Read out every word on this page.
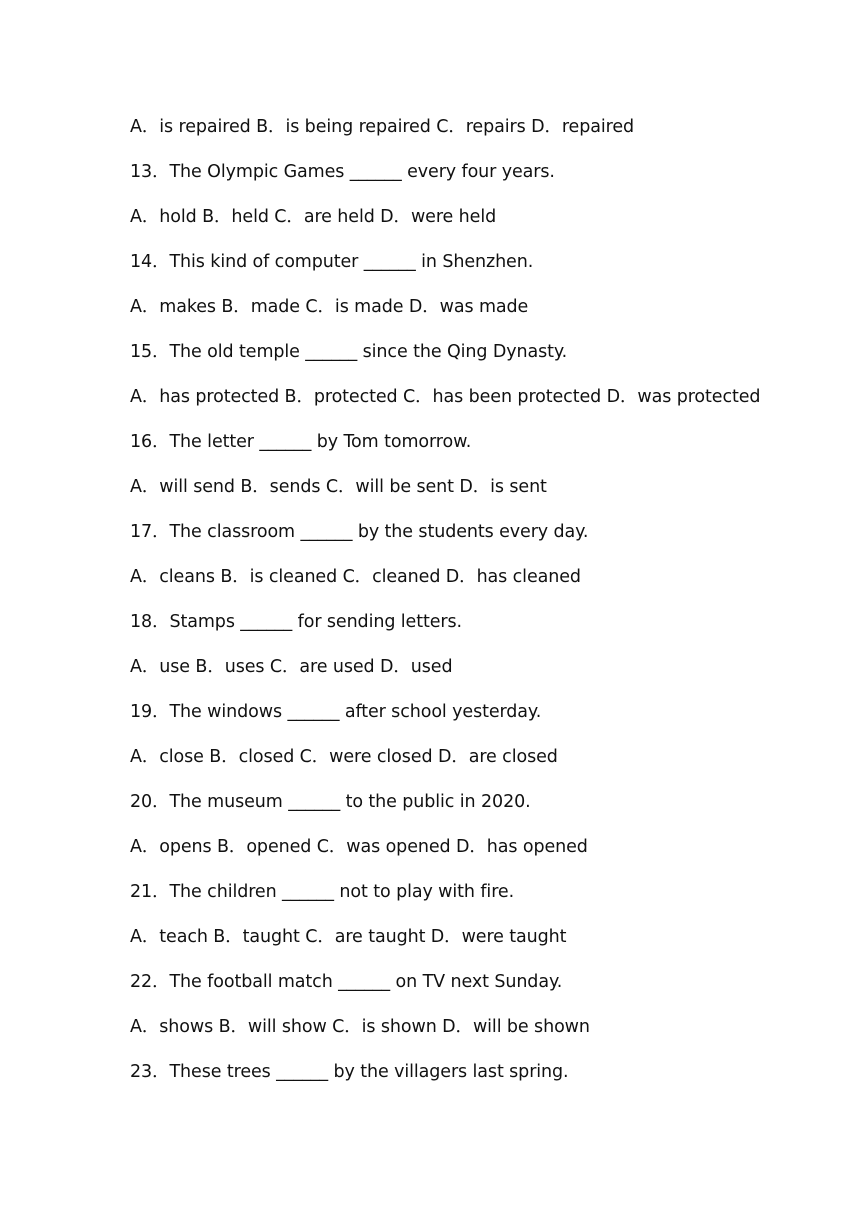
A．is repaired B．is being repaired C．repairs D．repaired
13．The Olympic Games ______ every four years.
A．hold B．held C．are held D．were held
14．This kind of computer ______ in Shenzhen.
A．makes B．made C．is made D．was made
15．The old temple ______ since the Qing Dynasty.
A．has protected B．protected C．has been protected D．was protected
16．The letter ______ by Tom tomorrow.
A．will send B．sends C．will be sent D．is sent
17．The classroom ______ by the students every day.
A．cleans B．is cleaned C．cleaned D．has cleaned
18．Stamps ______ for sending letters.
A．use B．uses C．are used D．used
19．The windows ______ after school yesterday.
A．close B．closed C．were closed D．are closed
20．The museum ______ to the public in 2020.
A．opens B．opened C．was opened D．has opened
21．The children ______ not to play with fire.
A．teach B．taught C．are taught D．were taught
22．The football match ______ on TV next Sunday.
A．shows B．will show C．is shown D．will be shown
23．These trees ______ by the villagers last spring.
